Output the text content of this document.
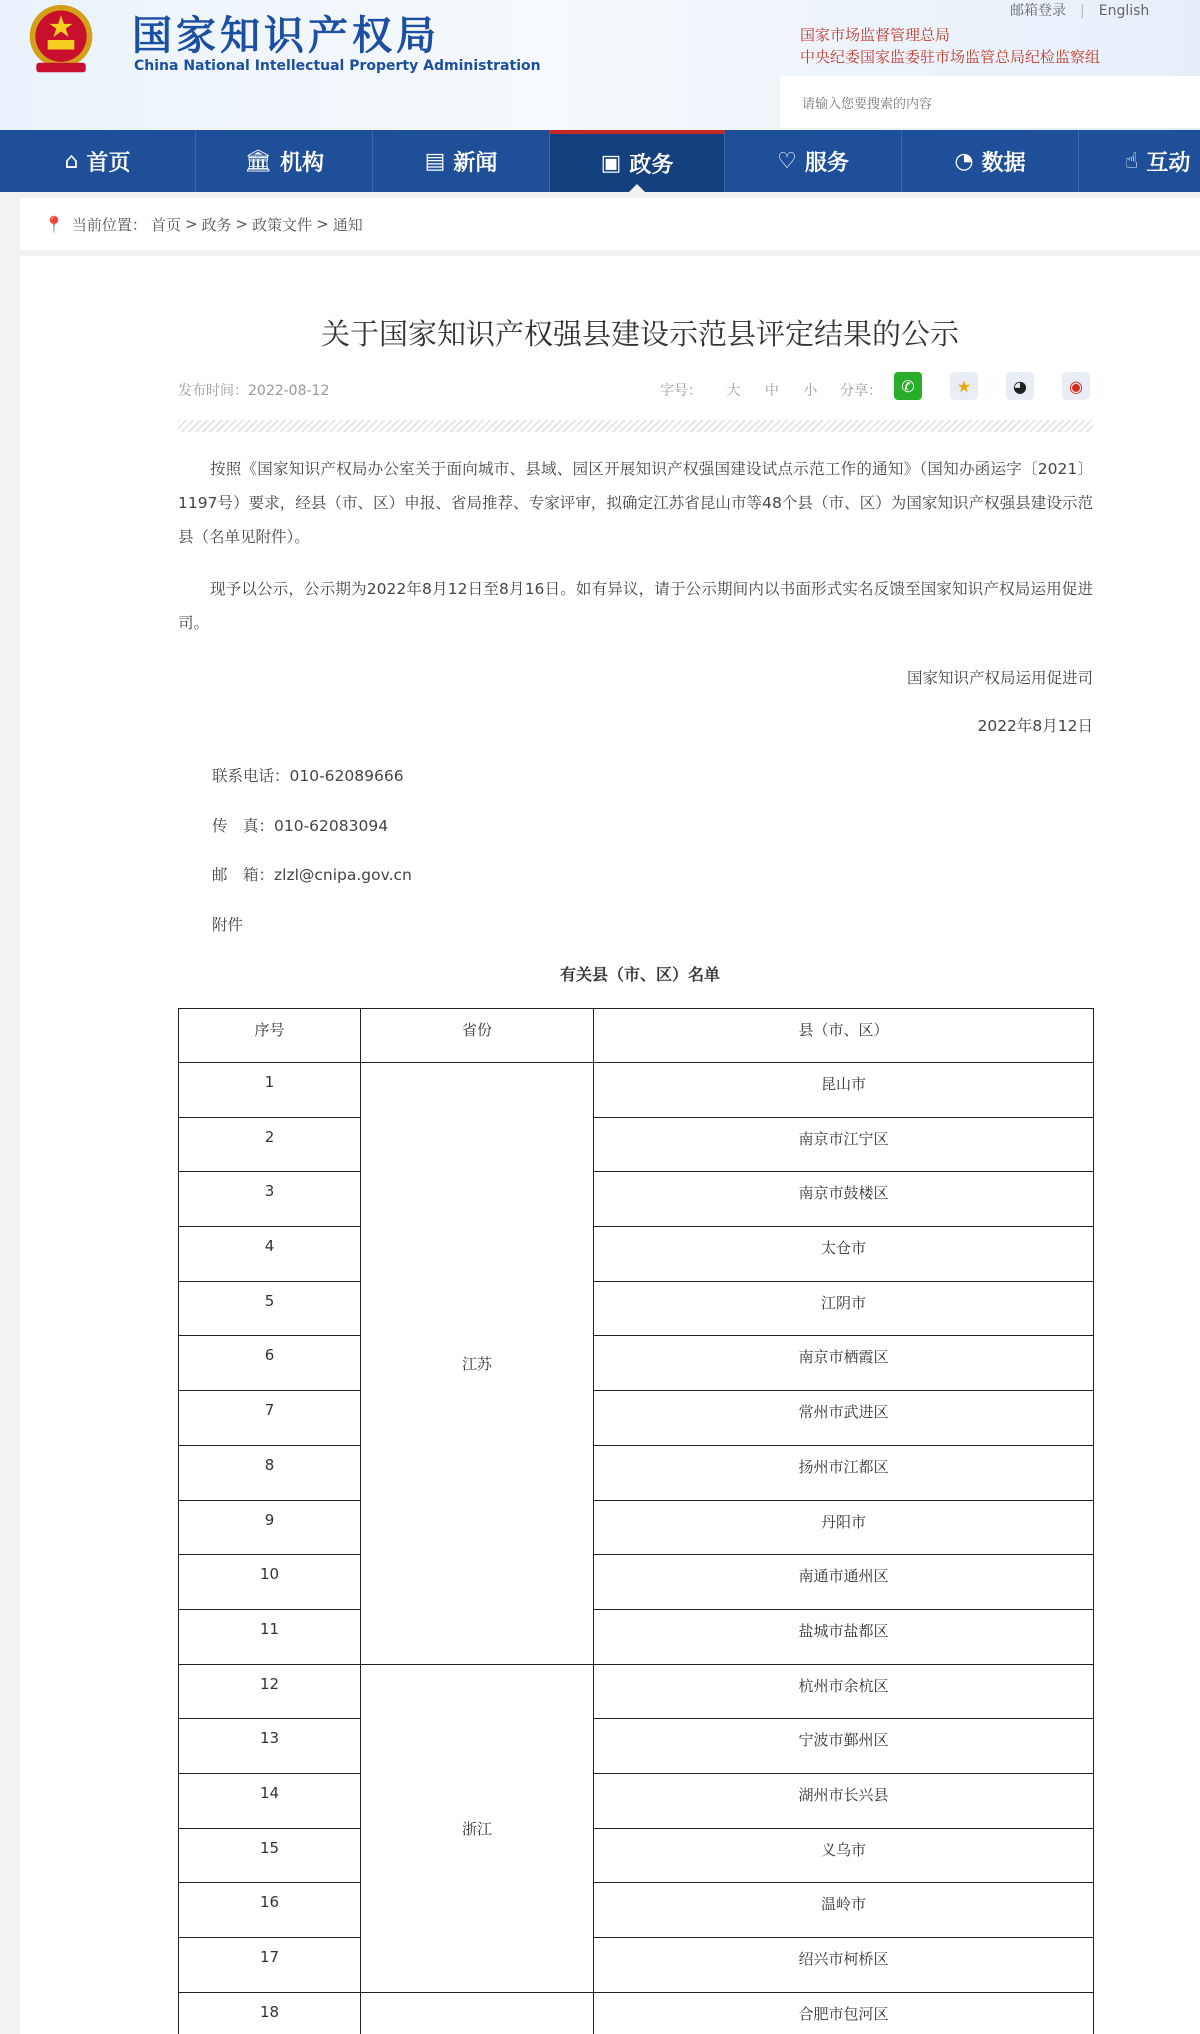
国家知识产权局
China National Intellectual Property Administration
邮箱登录 | English
国家市场监督管理总局
中央纪委国家监委驻市场监管总局纪检监察组
请输入您要搜索的内容
⌂ 首页	🏛 机构	▤ 新闻	▣ 政务	♡ 服务	◔ 数据	☝ 互动
📍 当前位置： 首页 > 政务 > 政策文件 > 通知
关于国家知识产权强县建设示范县评定结果的公示
发布时间：2022-08-12	字号： 大 中 小 分享：	✆	★	◕	◉

按照《国家知识产权局办公室关于面向城市、县域、园区开展知识产权强国建设试点示范工作的通知》（国知办函运字〔2021〕1197号）要求，经县（市、区）申报、省局推荐、专家评审，拟确定江苏省昆山市等48个县（市、区）为国家知识产权强县建设示范县（名单见附件）。

现予以公示，公示期为2022年8月12日至8月16日。如有异议，请于公示期间内以书面形式实名反馈至国家知识产权局运用促进司。

国家知识产权局运用促进司
2022年8月12日
联系电话：010-62089666
传　真：010-62083094
邮　箱：zlzl@cnipa.gov.cn
附件
有关县（市、区）名单
序号	省份	县（市、区）
1	江苏	昆山市
2		南京市江宁区
3		南京市鼓楼区
4		太仓市
5		江阴市
6		南京市栖霞区
7		常州市武进区
8		扬州市江都区
9		丹阳市
10		南通市通州区
11		盐城市盐都区
12	浙江	杭州市余杭区
13		宁波市鄞州区
14		湖州市长兴县
15		义乌市
16		温岭市
17		绍兴市柯桥区
18		合肥市包河区
